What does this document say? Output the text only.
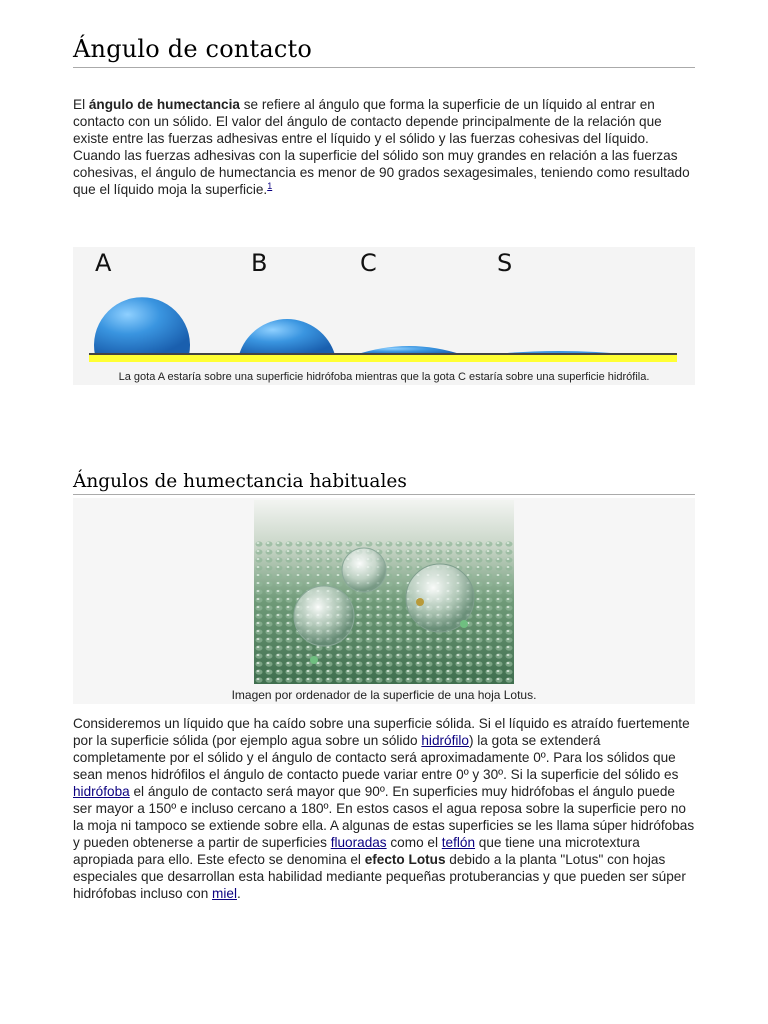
Ángulo de contacto

El ángulo de humectancia se refiere al ángulo que forma la superficie de un líquido al entrar en contacto con un sólido. El valor del ángulo de contacto depende principalmente de la relación que existe entre las fuerzas adhesivas entre el líquido y el sólido y las fuerzas cohesivas del líquido. Cuando las fuerzas adhesivas con la superficie del sólido son muy grandes en relación a las fuerzas cohesivas, el ángulo de humectancia es menor de 90 grados sexagesimales, teniendo como resultado que el líquido moja la superficie.$^1$

A	B	C	S
La gota A estaría sobre una superficie hidrófoba mientras que la gota C estaría sobre una superficie hidrófila.
Ángulos de humectancia habituales
Imagen por ordenador de la superficie de una hoja Lotus.

Consideremos un líquido que ha caído sobre una superficie sólida. Si el líquido es atraído fuertemente por la superficie sólida (por ejemplo agua sobre un sólido hidrófilo) la gota se extenderá completamente por el sólido y el ángulo de contacto será aproximadamente 0º. Para los sólidos que sean menos hidrófilos el ángulo de contacto puede variar entre 0º y 30º. Si la superficie del sólido es hidrófoba el ángulo de contacto será mayor que 90º. En superficies muy hidrófobas el ángulo puede ser mayor a 150º e incluso cercano a 180º. En estos casos el agua reposa sobre la superficie pero no la moja ni tampoco se extiende sobre ella. A algunas de estas superficies se les llama súper hidrófobas y pueden obtenerse a partir de superficies fluoradas como el teflón que tiene una microtextura apropiada para ello. Este efecto se denomina el efecto Lotus debido a la planta "Lotus" con hojas especiales que desarrollan esta habilidad mediante pequeñas protuberancias y que pueden ser súper hidrófobas incluso con miel.
